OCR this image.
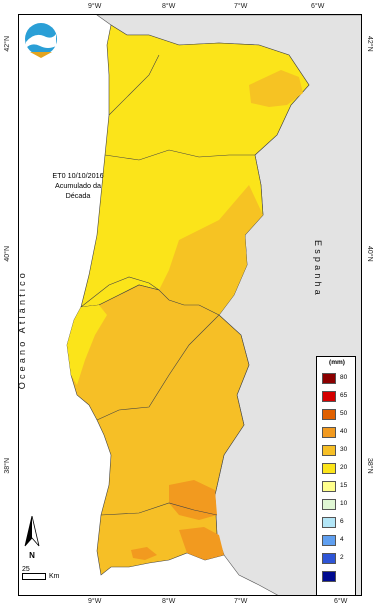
9°W	8°W	7°W	6°W
9°W	8°W	7°W	6°W
42°N
40°N
38°N
42°N
40°N
38°N
ET0 10/10/2016
Acumulado da
Década
Oceano Atlântico
Espanha
(mm)
80
65
50
40
30
20
15
10
6
4
2
N
25
Km
